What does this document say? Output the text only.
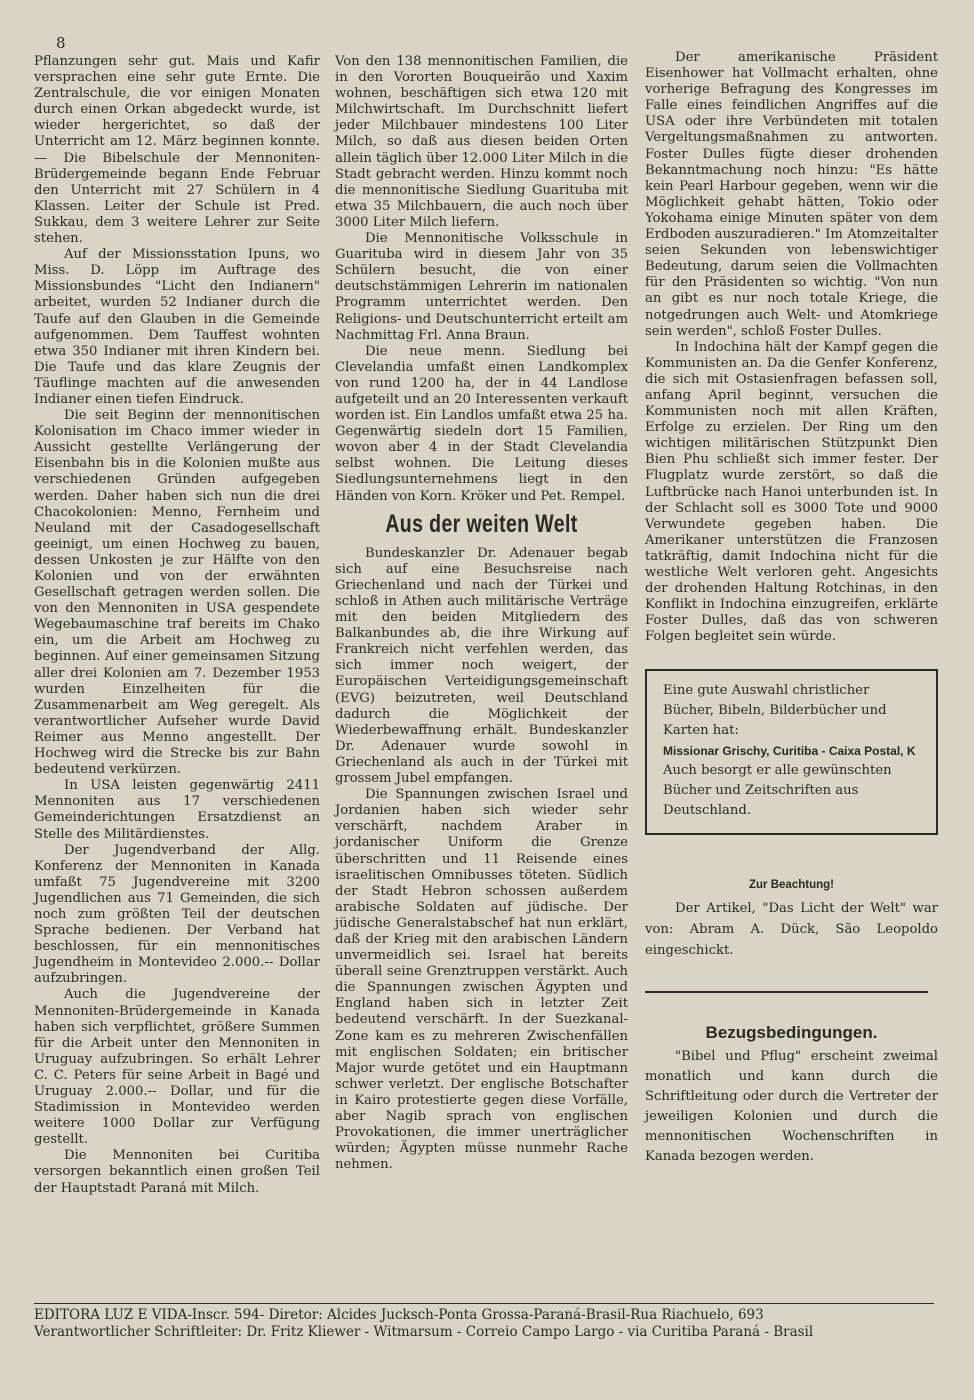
8

Pflanzungen sehr gut. Mais und Kafir versprachen eine sehr gute Ernte. Die Zentralschule, die vor einigen Monaten durch einen Orkan abgedeckt wurde, ist wieder hergerichtet, so daß der Unterricht am 12. März beginnen konnte. — Die Bibelschule der Mennoniten-Brüdergemeinde begann Ende Februar den Unterricht mit 27 Schülern in 4 Klassen. Leiter der Schule ist Pred. Sukkau, dem 3 weitere Lehrer zur Seite stehen.

Auf der Missionsstation Ipuns, wo Miss. D. Löpp im Auftrage des Missionsbundes "Licht den Indianern" arbeitet, wurden 52 Indianer durch die Taufe auf den Glauben in die Gemeinde aufgenommen. Dem Tauffest wohnten etwa 350 Indianer mit ihren Kindern bei. Die Taufe und das klare Zeugnis der Täuflinge machten auf die anwesenden Indianer einen tiefen Eindruck.

Die seit Beginn der mennonitischen Kolonisation im Chaco immer wieder in Aussicht gestellte Verlängerung der Eisenbahn bis in die Kolonien mußte aus verschiedenen Gründen aufgegeben werden. Daher haben sich nun die drei Chacokolonien: Menno, Fernheim und Neuland mit der Casadogesellschaft geeinigt, um einen Hochweg zu bauen, dessen Unkosten je zur Hälfte von den Kolonien und von der erwähnten Gesellschaft getragen werden sollen. Die von den Mennoniten in USA gespendete Wegebaumaschine traf bereits im Chako ein, um die Arbeit am Hochweg zu beginnen. Auf einer gemeinsamen Sitzung aller drei Kolonien am 7. Dezember 1953 wurden Einzelheiten für die Zusammenarbeit am Weg geregelt. Als verantwortlicher Aufseher wurde David Reimer aus Menno angestellt. Der Hochweg wird die Strecke bis zur Bahn bedeutend verkürzen.

In USA leisten gegenwärtig 2411 Mennoniten aus 17 verschiedenen Gemeinderichtungen Ersatzdienst an Stelle des Militärdienstes.

Der Jugendverband der Allg. Konferenz der Mennoniten in Kanada umfaßt 75 Jugendvereine mit 3200 Jugendlichen aus 71 Gemeinden, die sich noch zum größten Teil der deutschen Sprache bedienen. Der Verband hat beschlossen, für ein mennonitisches Jugendheim in Montevideo 2.000.-- Dollar aufzubringen.

Auch die Jugendvereine der Mennoniten-Brüdergemeinde in Kanada haben sich verpflichtet, größere Summen für die Arbeit unter den Mennoniten in Uruguay aufzubringen. So erhält Lehrer C. C. Peters für seine Arbeit in Bagé und Uruguay 2.000.-- Dollar, und für die Stadimission in Montevideo werden weitere 1000 Dollar zur Verfügung gestellt.

Die Mennoniten bei Curitiba versorgen bekanntlich einen großen Teil der Hauptstadt Paraná mit Milch.

Von den 138 mennonitischen Familien, die in den Vororten Bouqueirão und Xaxim wohnen, beschäftigen sich etwa 120 mit Milchwirtschaft. Im Durchschnitt liefert jeder Milchbauer mindestens 100 Liter Milch, so daß aus diesen beiden Orten allein täglich über 12.000 Liter Milch in die Stadt gebracht werden. Hinzu kommt noch die mennonitische Siedlung Guarituba mit etwa 35 Milchbauern, die auch noch über 3000 Liter Milch liefern.

Die Mennonitische Volksschule in Guarituba wird in diesem Jahr von 35 Schülern besucht, die von einer deutschstämmigen Lehrerin im nationalen Programm unterrichtet werden. Den Religions- und Deutschunterricht erteilt am Nachmittag Frl. Anna Braun.

Die neue menn. Siedlung bei Clevelandia umfaßt einen Landkomplex von rund 1200 ha, der in 44 Landlose aufgeteilt und an 20 Interessenten verkauft worden ist. Ein Landlos umfaßt etwa 25 ha. Gegenwärtig siedeln dort 15 Familien, wovon aber 4 in der Stadt Clevelandia selbst wohnen. Die Leitung dieses Siedlungsunternehmens liegt in den Händen von Korn. Kröker und Pet. Rempel.

Aus der weiten Welt

Bundeskanzler Dr. Adenauer begab sich auf eine Besuchsreise nach Griechenland und nach der Türkei und schloß in Athen auch militärische Verträge mit den beiden Mitgliedern des Balkanbundes ab, die ihre Wirkung auf Frankreich nicht verfehlen werden, das sich immer noch weigert, der Europäischen Verteidigungsgemeinschaft (EVG) beizutreten, weil Deutschland dadurch die Möglichkeit der Wiederbewaffnung erhält. Bundeskanzler Dr. Adenauer wurde sowohl in Griechenland als auch in der Türkei mit grossem Jubel empfangen.

Die Spannungen zwischen Israel und Jordanien haben sich wieder sehr verschärft, nachdem Araber in jordanischer Uniform die Grenze überschritten und 11 Reisende eines israelitischen Omnibusses töteten. Südlich der Stadt Hebron schossen außerdem arabische Soldaten auf jüdische. Der jüdische Generalstabschef hat nun erklärt, daß der Krieg mit den arabischen Ländern unvermeidlich sei. Israel hat bereits überall seine Grenztruppen verstärkt. Auch die Spannungen zwischen Ägypten und England haben sich in letzter Zeit bedeutend verschärft. In der Suezkanal-Zone kam es zu mehreren Zwischenfällen mit englischen Soldaten; ein britischer Major wurde getötet und ein Hauptmann schwer verletzt. Der englische Botschafter in Kairo protestierte gegen diese Vorfälle, aber Nagib sprach von englischen Provokationen, die immer unerträglicher würden; Ägypten müsse nunmehr Rache nehmen.

Der amerikanische Präsident Eisenhower hat Vollmacht erhalten, ohne vorherige Befragung des Kongresses im Falle eines feindlichen Angriffes auf die USA oder ihre Verbündeten mit totalen Vergeltungsmaßnahmen zu antworten. Foster Dulles fügte dieser drohenden Bekanntmachung noch hinzu: "Es hätte kein Pearl Harbour gegeben, wenn wir die Möglichkeit gehabt hätten, Tokio oder Yokohama einige Minuten später von dem Erdboden auszuradieren." Im Atomzeitalter seien Sekunden von lebenswichtiger Bedeutung, darum seien die Vollmachten für den Präsidenten so wichtig. "Von nun an gibt es nur noch totale Kriege, die notgedrungen auch Welt- und Atomkriege sein werden", schloß Foster Dulles.

In Indochina hält der Kampf gegen die Kommunisten an. Da die Genfer Konferenz, die sich mit Ostasienfragen befassen soll, anfang April beginnt, versuchen die Kommunisten noch mit allen Kräften, Erfolge zu erzielen. Der Ring um den wichtigen militärischen Stützpunkt Dien Bien Phu schließt sich immer fester. Der Flugplatz wurde zerstört, so daß die Luftbrücke nach Hanoi unterbunden ist. In der Schlacht soll es 3000 Tote und 9000 Verwundete gegeben haben. Die Amerikaner unterstützen die Franzosen tatkräftig, damit Indochina nicht für die westliche Welt verloren geht. Angesichts der drohenden Haltung Rotchinas, in den Konflikt in Indochina einzugreifen, erklärte Foster Dulles, daß das von schweren Folgen begleitet sein würde.

Eine gute Auswahl christlicher Bücher, Bibeln, Bilderbücher und Karten hat:

Missionar Grischy, Curitiba - Caixa Postal, K

Auch besorgt er alle gewünschten Bücher und Zeitschriften aus Deutschland.

Zur Beachtung!

Der Artikel, "Das Licht der Welt" war von: Abram A. Dück, São Leopoldo eingeschickt.

Bezugsbedingungen.

"Bibel und Pflug" erscheint zweimal monatlich und kann durch die Schriftleitung oder durch die Vertreter der jeweiligen Kolonien und durch die mennonitischen Wochenschriften in Kanada bezogen werden.

EDITORA LUZ E VIDA-Inscr. 594- Diretor: Alcides Jucksch-Ponta Grossa-Paraná-Brasil-Rua Riachuelo, 693
Verantwortlicher Schriftleiter: Dr. Fritz Kliewer - Witmarsum - Correio Campo Largo - via Curitiba Paraná - Brasil
